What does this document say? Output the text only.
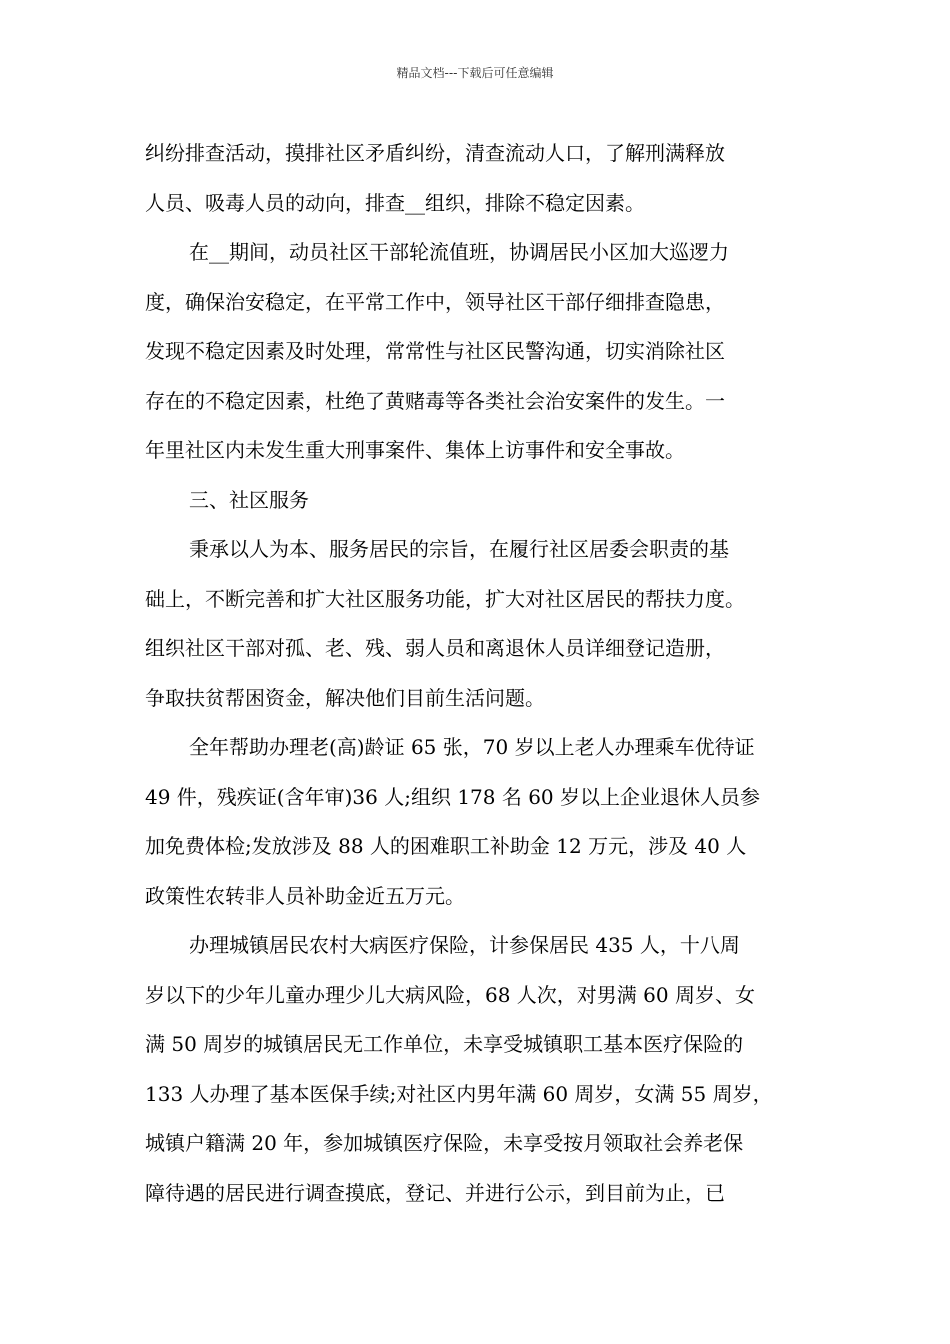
精品文档---下载后可任意编辑
纠纷排查活动，摸排社区矛盾纠纷，清查流动人口，了解刑满释放
人员、吸毒人员的动向，排查__组织，排除不稳定因素。
在__期间，动员社区干部轮流值班，协调居民小区加大巡逻力
度，确保治安稳定，在平常工作中，领导社区干部仔细排查隐患，
发现不稳定因素及时处理，常常性与社区民警沟通，切实消除社区
存在的不稳定因素，杜绝了黄赌毒等各类社会治安案件的发生。一
年里社区内未发生重大刑事案件、集体上访事件和安全事故。
三、社区服务
秉承以人为本、服务居民的宗旨，在履行社区居委会职责的基
础上，不断完善和扩大社区服务功能，扩大对社区居民的帮扶力度。
组织社区干部对孤、老、残、弱人员和离退休人员详细登记造册，
争取扶贫帮困资金，解决他们目前生活问题。
全年帮助办理老(高)龄证 65 张，70 岁以上老人办理乘车优待证
49 件，残疾证(含年审)36 人;组织 178 名 60 岁以上企业退休人员参
加免费体检;发放涉及 88 人的困难职工补助金 12 万元，涉及 40 人
政策性农转非人员补助金近五万元。
办理城镇居民农村大病医疗保险，计参保居民 435 人，十八周
岁以下的少年儿童办理少儿大病风险，68 人次，对男满 60 周岁、女
满 50 周岁的城镇居民无工作单位，未享受城镇职工基本医疗保险的
133 人办理了基本医保手续;对社区内男年满 60 周岁，女满 55 周岁，
城镇户籍满 20 年，参加城镇医疗保险，未享受按月领取社会养老保
障待遇的居民进行调查摸底，登记、并进行公示，到目前为止，已
